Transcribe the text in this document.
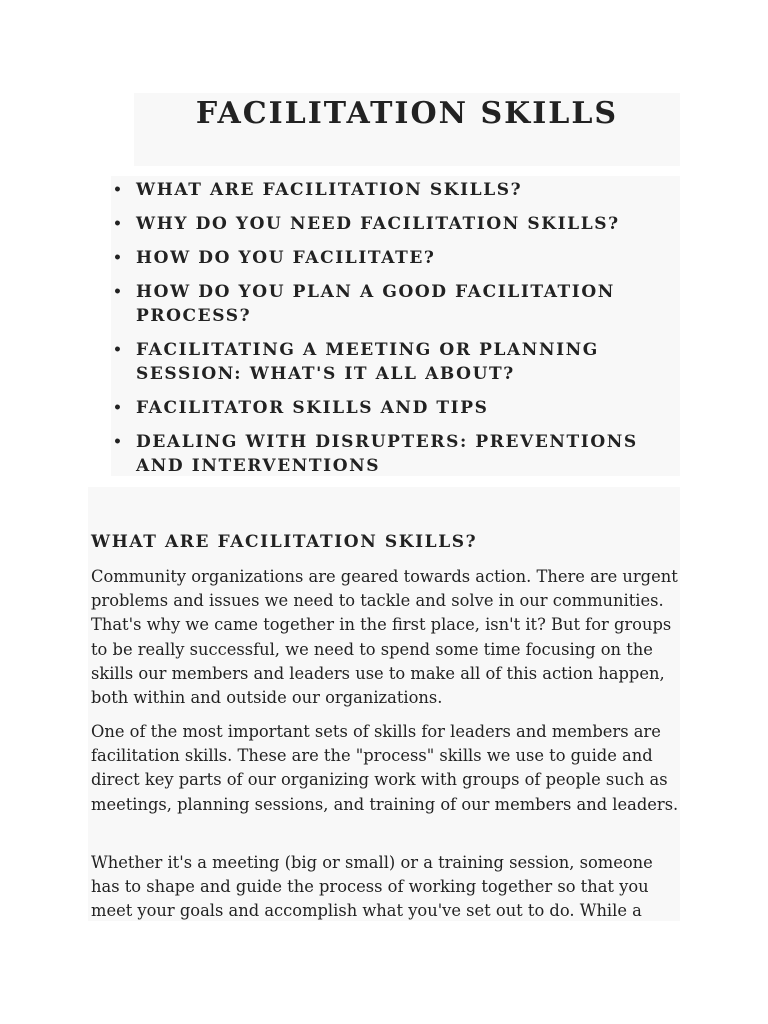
FACILITATION SKILLS
• WHAT ARE FACILITATION SKILLS?
• WHY DO YOU NEED FACILITATION SKILLS?
• HOW DO YOU FACILITATE?
• HOW DO YOU PLAN A GOOD FACILITATION PROCESS?
• FACILITATING A MEETING OR PLANNING SESSION: WHAT'S IT ALL ABOUT?
• FACILITATOR SKILLS AND TIPS
• DEALING WITH DISRUPTERS: PREVENTIONS AND INTERVENTIONS
WHAT ARE FACILITATION SKILLS?

Community organizations are geared towards action. There are urgent problems and issues we need to tackle and solve in our communities. That's why we came together in the first place, isn't it? But for groups to be really successful, we need to spend some time focusing on the skills our members and leaders use to make all of this action happen, both within and outside our organizations.

One of the most important sets of skills for leaders and members are facilitation skills. These are the "process" skills we use to guide and direct key parts of our organizing work with groups of people such as meetings, planning sessions, and training of our members and leaders.

Whether it's a meeting (big or small) or a training session, someone has to shape and guide the process of working together so that you meet your goals and accomplish what you've set out to do. While a
